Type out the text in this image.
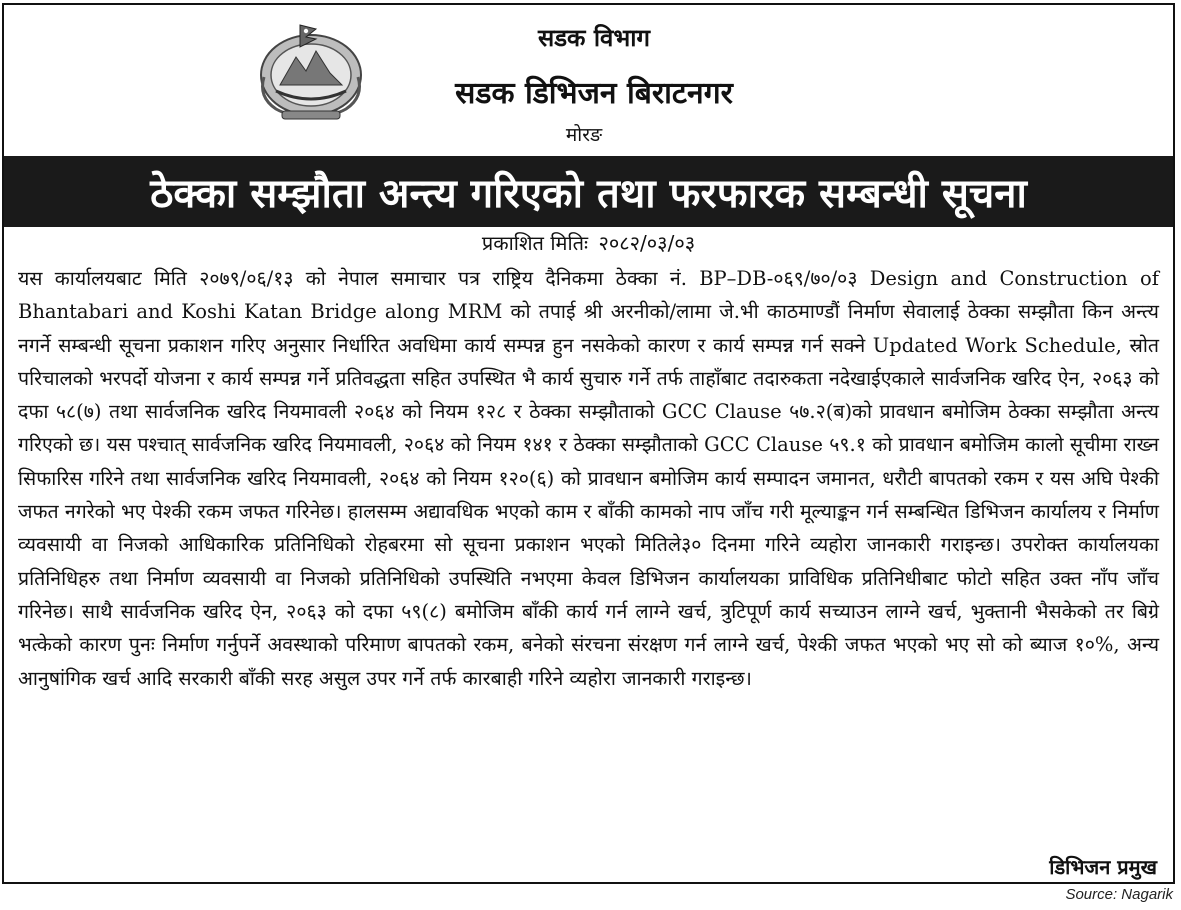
सडक विभाग
सडक डिभिजन बिराटनगर
मोरङ
ठेक्का सम्झौता अन्त्य गरिएको तथा फरफारक सम्बन्धी सूचना
प्रकाशित मितिः २०८२/०३/०३

यस कार्यालयबाट मिति २०७९/०६/१३ को नेपाल समाचार पत्र राष्ट्रिय दैनिकमा ठेक्का नं. BP–DB-०६९/७०/०३ Design and Construction of Bhantabari and Koshi Katan Bridge along MRM को तपाई श्री अरनीको/लामा जे.भी काठमाण्डौं निर्माण सेवालाई ठेक्का सम्झौता किन अन्त्य नगर्ने सम्बन्धी सूचना प्रकाशन गरिए अनुसार निर्धारित अवधिमा कार्य सम्पन्न हुन नसकेको कारण र कार्य सम्पन्न गर्न सक्ने Updated Work Schedule, स्रोत परिचालको भरपर्दो योजना र कार्य सम्पन्न गर्ने प्रतिवद्धता सहित उपस्थित भै कार्य सुचारु गर्ने तर्फ ताहाँबाट तदारुकता नदेखाईएकाले सार्वजनिक खरिद ऐन, २०६३ को दफा ५८(७) तथा सार्वजनिक खरिद नियमावली २०६४ को नियम १२८ र ठेक्का सम्झौताको GCC Clause ५७.२(ब)को प्रावधान बमोजिम ठेक्का सम्झौता अन्त्य गरिएको छ। यस पश्चात् सार्वजनिक खरिद नियमावली, २०६४ को नियम १४१ र ठेक्का सम्झौताको GCC Clause ५९.१ को प्रावधान बमोजिम कालो सूचीमा राख्न सिफारिस गरिने तथा सार्वजनिक खरिद नियमावली, २०६४ को नियम १२०(६) को प्रावधान बमोजिम कार्य सम्पादन जमानत, धरौटी बापतको रकम र यस अघि पेश्की जफत नगरेको भए पेश्की रकम जफत गरिनेछ। हालसम्म अद्यावधिक भएको काम र बाँकी कामको नाप जाँच गरी मूल्याङ्कन गर्न सम्बन्धित डिभिजन कार्यालय र निर्माण व्यवसायी वा निजको आधिकारिक प्रतिनिधिको रोहबरमा सो सूचना प्रकाशन भएको मितिले३० दिनमा गरिने व्यहोरा जानकारी गराइन्छ। उपरोक्त कार्यालयका प्रतिनिधिहरु तथा निर्माण व्यवसायी वा निजको प्रतिनिधिको उपस्थिति नभएमा केवल डिभिजन कार्यालयका प्राविधिक प्रतिनिधीबाट फोटो सहित उक्त नाँप जाँच गरिनेछ। साथै सार्वजनिक खरिद ऐन, २०६३ को दफा ५९(८) बमोजिम बाँकी कार्य गर्न लाग्ने खर्च, त्रुटिपूर्ण कार्य सच्याउन लाग्ने खर्च, भुक्तानी भैसकेको तर बिग्रे भत्केको कारण पुनः निर्माण गर्नुपर्ने अवस्थाको परिमाण बापतको रकम, बनेको संरचना संरक्षण गर्न लाग्ने खर्च, पेश्की जफत भएको भए सो को ब्याज १०%, अन्य आनुषांगिक खर्च आदि सरकारी बाँकी सरह असुल उपर गर्ने तर्फ कारबाही गरिने व्यहोरा जानकारी गराइन्छ।

डिभिजन प्रमुख
Source: Nagarik
